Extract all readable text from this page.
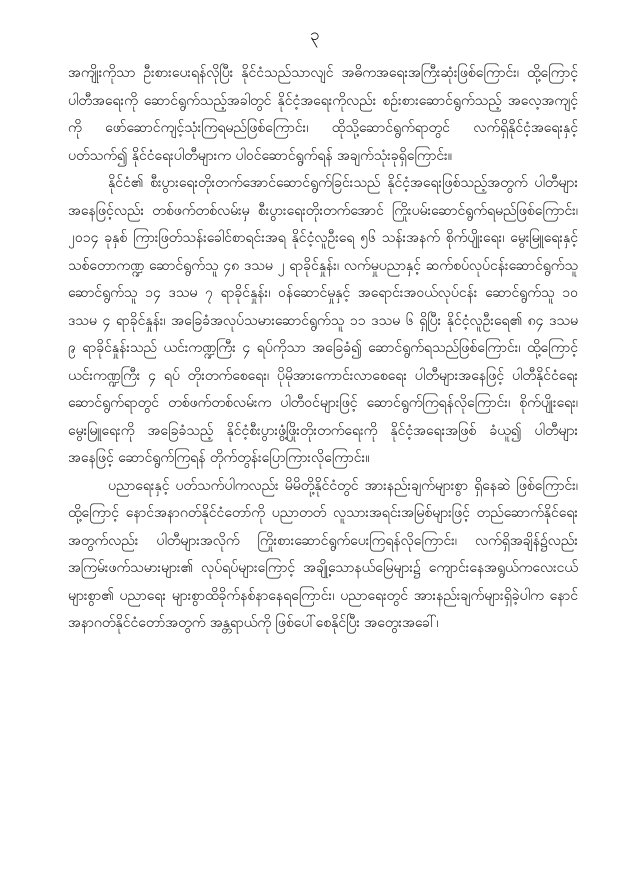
၃

အကျိုးကိုသာ ဦးစားပေးရန်လိုပြီး နိုင်ငံသည်သာလျင် အဓိကအရေးအကြီးဆုံးဖြစ်ကြောင်း၊ ထို့ကြောင့် ပါတီအရေးကို ဆောင်ရွက်သည့်အခါတွင် နိုင်ငံ့အရေးကိုလည်း စဉ်းစားဆောင်ရွက်သည့် အလေ့အကျင့်ကို ဖော်ဆောင်ကျင့်သုံးကြရမည်ဖြစ်ကြောင်း၊ ထိုသို့ဆောင်ရွက်ရာတွင် လက်ရှိနိုင်ငံ့အရေးနှင့်ပတ်သက်၍ နိုင်ငံရေးပါတီများက ပါဝင်ဆောင်ရွက်ရန် အချက်သုံးခုရှိကြောင်း။

နိုင်ငံ၏ စီးပွားရေးတိုးတက်အောင်ဆောင်ရွက်ခြင်းသည် နိုင်ငံ့အရေးဖြစ်သည့်အတွက် ပါတီများအနေဖြင့်လည်း တစ်ဖက်တစ်လမ်းမှ စီးပွားရေးတိုးတက်အောင် ကြိုးပမ်းဆောင်ရွက်ရမည်ဖြစ်ကြောင်း၊ ၂၀၁၄ ခုနှစ် ကြားဖြတ်သန်းခေါင်စာရင်းအရ နိုင်ငံ့လူဦးရေ ၅၆ သန်းအနက် စိုက်ပျိုးရေး၊ မွေးမြူရေးနှင့် သစ်တောကဏ္ဍ ဆောင်ရွက်သူ ၄၈ ဒသမ ၂ ရာခိုင်နှုန်း၊ လက်မှုပညာနှင့် ဆက်စပ်လုပ်ငန်းဆောင်ရွက်သူ ဆောင်ရွက်သူ ၁၄ ဒသမ ၇ ရာခိုင်နှုန်း၊ ဝန်ဆောင်မှုနှင့် အရောင်းအဝယ်လုပ်ငန်း ဆောင်ရွက်သူ ၁၀ ဒသမ ၄ ရာခိုင်နှုန်း၊ အခြေခံအလုပ်သမားဆောင်ရွက်သူ ၁၁ ဒသမ ၆ ရှိပြီး နိုင်ငံ့လူဦးရေ၏ ၈၄ ဒသမ ၉ ရာခိုင်နှုန်းသည် ယင်းကဏ္ဍကြီး ၄ ရပ်ကိုသာ အခြေခံ၍ ဆောင်ရွက်ရသည်ဖြစ်ကြောင်း၊ ထို့ကြောင့် ယင်းကဏ္ဍကြီး ၄ ရပ် တိုးတက်စေရေး၊ ပိုမိုအားကောင်းလာစေရေး ပါတီများအနေဖြင့် ပါတီနိုင်ငံရေးဆောင်ရွက်ရာတွင် တစ်ဖက်တစ်လမ်းက ပါတီဝင်များဖြင့် ဆောင်ရွက်ကြရန်လိုကြောင်း၊ စိုက်ပျိုးရေး၊ မွေးမြူရေးကို အခြေခံသည့် နိုင်ငံ့စီးပွားဖွံ့ဖြိုးတိုးတက်ရေးကို နိုင်ငံ့အရေးအဖြစ် ခံယူ၍ ပါတီများအနေဖြင့် ဆောင်ရွက်ကြရန် တိုက်တွန်းပြောကြားလိုကြောင်း။

ပညာရေးနှင့် ပတ်သက်ပါကလည်း မိမိတို့နိုင်ငံတွင် အားနည်းချက်များစွာ ရှိနေဆဲ ဖြစ်ကြောင်း၊ ထို့ကြောင့် နောင်အနာဂတ်နိုင်ငံတော်ကို ပညာတတ် လူသားအရင်းအမြစ်များဖြင့် တည်ဆောက်နိုင်ရေးအတွက်လည်း ပါတီများအလိုက် ကြိုးစားဆောင်ရွက်ပေးကြရန်လိုကြောင်း၊ လက်ရှိအချိန်၌လည်း အကြမ်းဖက်သမားများ၏ လုပ်ရပ်များကြောင့် အချို့သောနယ်မြေများ၌ ကျောင်းနေအရွယ်ကလေးငယ်များစွာ၏ ပညာရေး များစွာထိခိုက်နစ်နာနေရကြောင်း၊ ပညာရေးတွင် အားနည်းချက်များရှိခဲ့ပါက နောင်အနာဂတ်နိုင်ငံတော်အတွက် အန္တရာယ်ကို ဖြစ်ပေါ်စေနိုင်ပြီး အတွေးအခေါ်၊
